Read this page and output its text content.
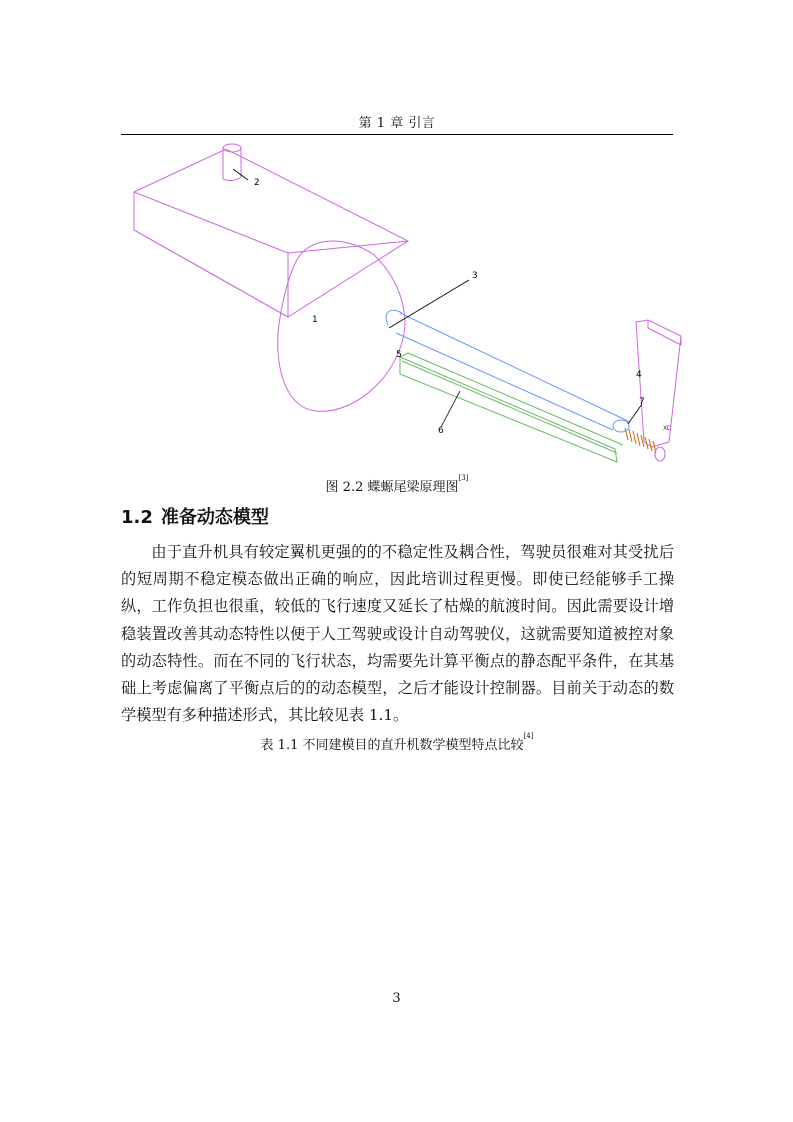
第 1 章 引言
1
2
3
4
5
6
7
XC
图 2.2 蝶螈尾梁原理图[3]
1.2 准备动态模型

由于直升机具有较定翼机更强的的不稳定性及耦合性，驾驶员很难对其受扰后的短周期不稳定模态做出正确的响应，因此培训过程更慢。即使已经能够手工操纵，工作负担也很重，较低的飞行速度又延长了枯燥的航渡时间。因此需要设计增稳装置改善其动态特性以便于人工驾驶或设计自动驾驶仪，这就需要知道被控对象的动态特性。而在不同的飞行状态，均需要先计算平衡点的静态配平条件，在其基础上考虑偏离了平衡点后的的动态模型，之后才能设计控制器。目前关于动态的数学模型有多种描述形式，其比较见表 1.1。

表 1.1 不同建模目的直升机数学模型特点比较[4]
3
